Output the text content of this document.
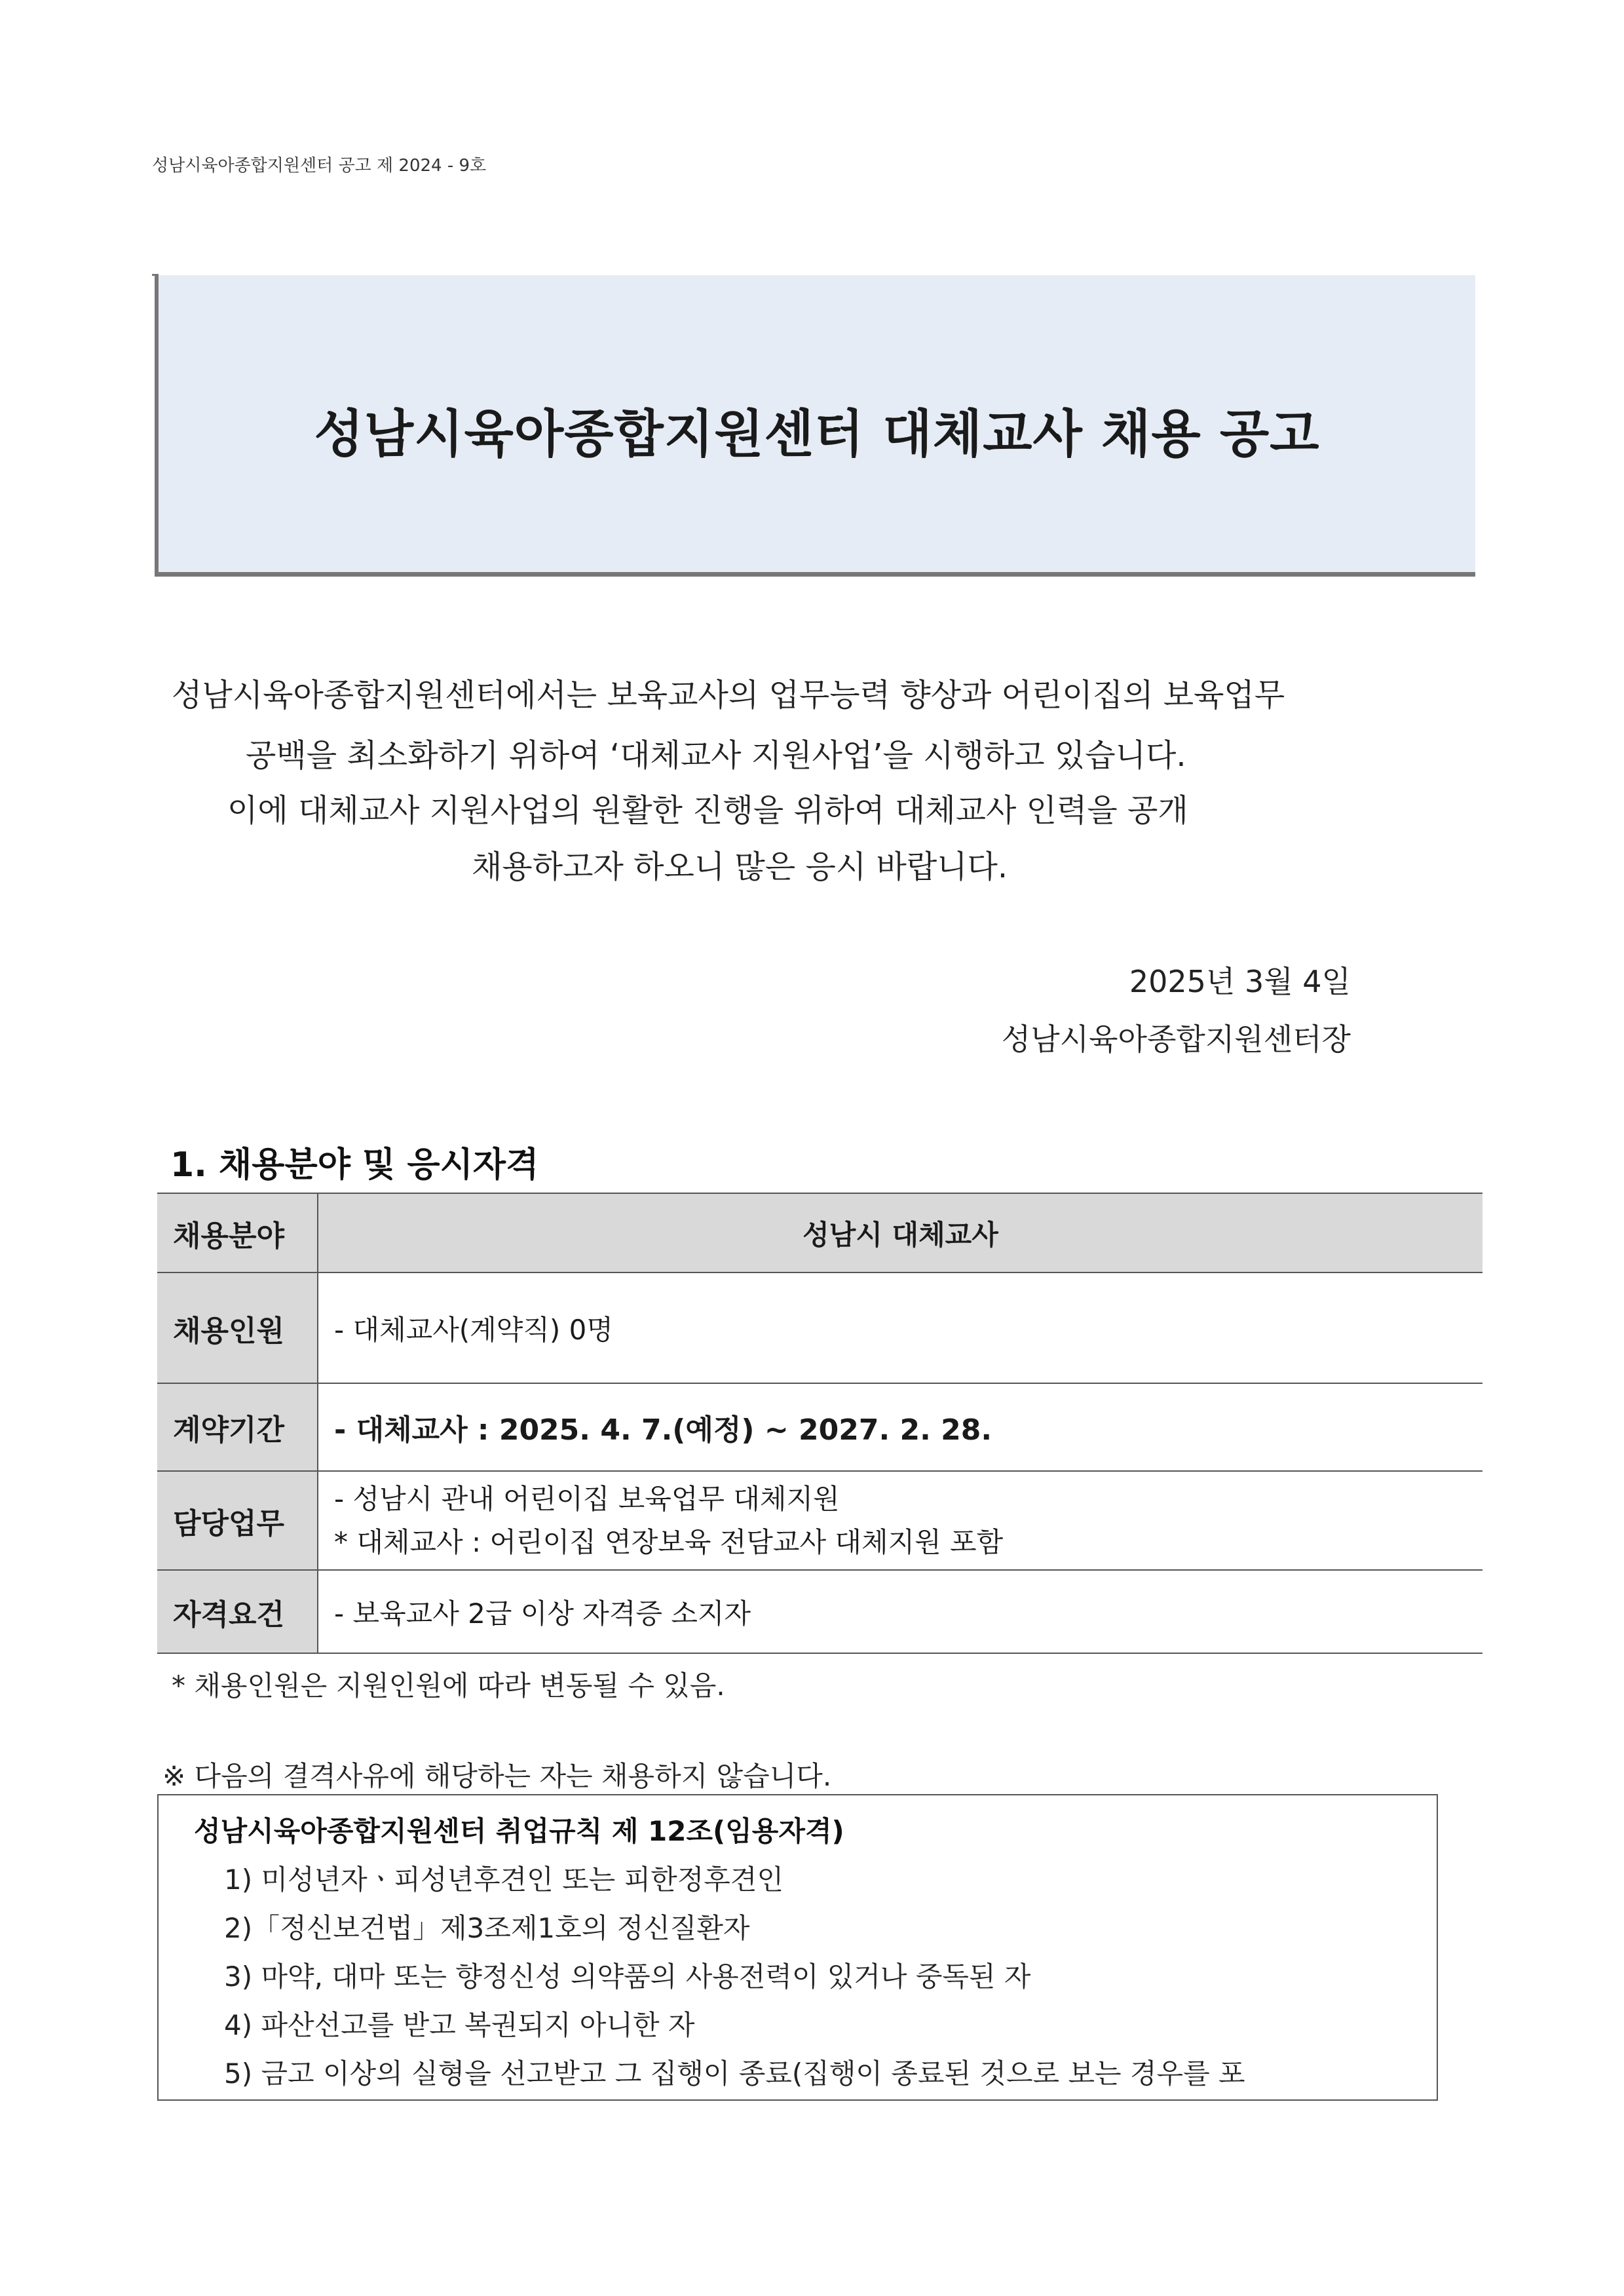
성남시육아종합지원센터 공고 제 2024 - 9호
성남시육아종합지원센터 대체교사 채용 공고

성남시육아종합지원센터에서는 보육교사의 업무능력 향상과 어린이집의 보육업무

공백을 최소화하기 위하여 ‘대체교사 지원사업’을 시행하고 있습니다.

이에 대체교사 지원사업의 원활한 진행을 위하여 대체교사 인력을 공개

채용하고자 하오니 많은 응시 바랍니다.

2025년 3월 4일
성남시육아종합지원센터장
1. 채용분야 및 응시자격
채용분야	성남시 대체교사
채용인원	- 대체교사(계약직) 0명
계약기간	- 대체교사 : 2025. 4. 7.(예정) ~ 2027. 2. 28.
담당업무	- 성남시 관내 어린이집 보육업무 대체지원
* 대체교사 : 어린이집 연장보육 전담교사 대체지원 포함

자격요건	- 보육교사 2급 이상 자격증 소지자
* 채용인원은 지원인원에 따라 변동될 수 있음.
※ 다음의 결격사유에 해당하는 자는 채용하지 않습니다.
성남시육아종합지원센터 취업규칙 제 12조(임용자격)
1) 미성년자ㆍ피성년후견인 또는 피한정후견인
2)「정신보건법」제3조제1호의 정신질환자
3) 마약, 대마 또는 향정신성 의약품의 사용전력이 있거나 중독된 자
4) 파산선고를 받고 복권되지 아니한 자
5) 금고 이상의 실형을 선고받고 그 집행이 종료(집행이 종료된 것으로 보는 경우를 포
